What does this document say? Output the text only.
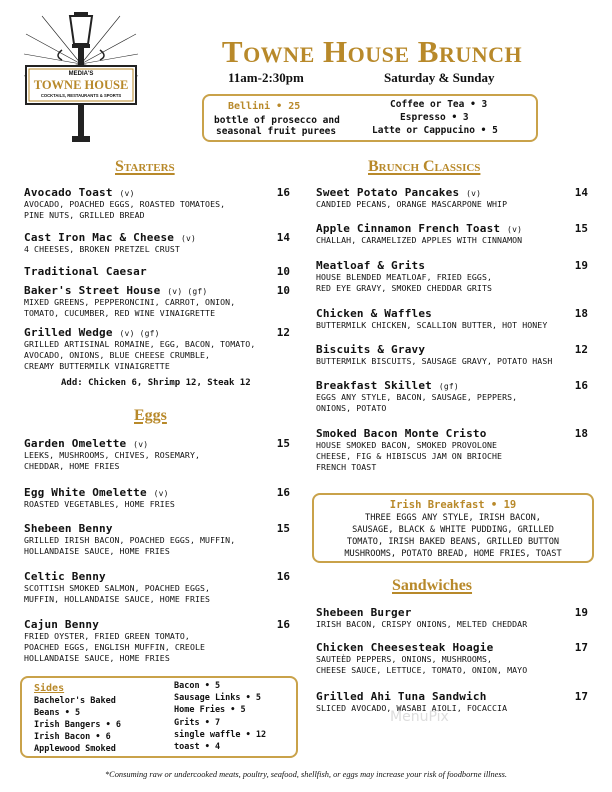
MEDIA'S
TOWNE HOUSE
COCKTAILS, RESTAURANTS & SPORTS
Towne House Brunch
11am-2:30pm	Saturday & Sunday
Bellini • 25
bottle of prosecco and
seasonal fruit purees
Coffee or Tea • 3
Espresso • 3
Latte or Cappucino • 5
Starters
Avocado Toast (v)	16
AVOCADO, POACHED EGGS, ROASTED TOMATOES,
PINE NUTS, GRILLED BREAD
Cast Iron Mac & Cheese (v)	14
4 CHEESES, BROKEN PRETZEL CRUST
Traditional Caesar	10
Baker's Street House (v) (gf)	10
MIXED GREENS, PEPPERONCINI, CARROT, ONION,
TOMATO, CUCUMBER, RED WINE VINAIGRETTE
Grilled Wedge (v) (gf)	12
GRILLED ARTISINAL ROMAINE, EGG, BACON, TOMATO,
AVOCADO, ONIONS, BLUE CHEESE CRUMBLE,
CREAMY BUTTERMILK VINAIGRETTE
Add: Chicken 6, Shrimp 12, Steak 12
Eggs
Garden Omelette (v)	15
LEEKS, MUSHROOMS, CHIVES, ROSEMARY,
CHEDDAR, HOME FRIES
Egg White Omelette (v)	16
ROASTED VEGETABLES, HOME FRIES
Shebeen Benny	15
GRILLED IRISH BACON, POACHED EGGS, MUFFIN,
HOLLANDAISE SAUCE, HOME FRIES
Celtic Benny	16
SCOTTISH SMOKED SALMON, POACHED EGGS,
MUFFIN, HOLLANDAISE SAUCE, HOME FRIES
Cajun Benny	16
FRIED OYSTER, FRIED GREEN TOMATO,
POACHED EGGS, ENGLISH MUFFIN, CREOLE
HOLLANDAISE SAUCE, HOME FRIES
Sides
Bachelor's Baked
Beans • 5
Irish Bangers • 6
Irish Bacon • 6
Applewood Smoked
Bacon • 5
Sausage Links • 5
Home Fries • 5
Grits • 7
single waffle • 12
toast • 4
Brunch Classics
Sweet Potato Pancakes (v)	14
CANDIED PECANS, ORANGE MASCARPONE WHIP
Apple Cinnamon French Toast (v)	15
CHALLAH, CARAMELIZED APPLES WITH CINNAMON
Meatloaf & Grits	19
HOUSE BLENDED MEATLOAF, FRIED EGGS,
RED EYE GRAVY, SMOKED CHEDDAR GRITS
Chicken & Waffles	18
BUTTERMILK CHICKEN, SCALLION BUTTER, HOT HONEY
Biscuits & Gravy	12
BUTTERMILK BISCUITS, SAUSAGE GRAVY, POTATO HASH
Breakfast Skillet (gf)	16
EGGS ANY STYLE, BACON, SAUSAGE, PEPPERS,
ONIONS, POTATO
Smoked Bacon Monte Cristo	18
HOUSE SMOKED BACON, SMOKED PROVOLONE
CHEESE, FIG & HIBISCUS JAM ON BRIOCHE
FRENCH TOAST
Irish Breakfast • 19
THREE EGGS ANY STYLE, IRISH BACON,
SAUSAGE, BLACK & WHITE PUDDING, GRILLED
TOMATO, IRISH BAKED BEANS, GRILLED BUTTON
MUSHROOMS, POTATO BREAD, HOME FRIES, TOAST
Sandwiches
Shebeen Burger	19
IRISH BACON, CRISPY ONIONS, MELTED CHEDDAR
Chicken Cheesesteak Hoagie	17
SAUTEÈD PEPPERS, ONIONS, MUSHROOMS,
CHEESE SAUCE, LETTUCE, TOMATO, ONION, MAYO
Grilled Ahi Tuna Sandwich	17
SLICED AVOCADO, WASABI AIOLI, FOCACCIA
MenuPix
*Consuming raw or undercooked meats, poultry, seafood, shellfish, or eggs may increase your risk of foodborne illness.
